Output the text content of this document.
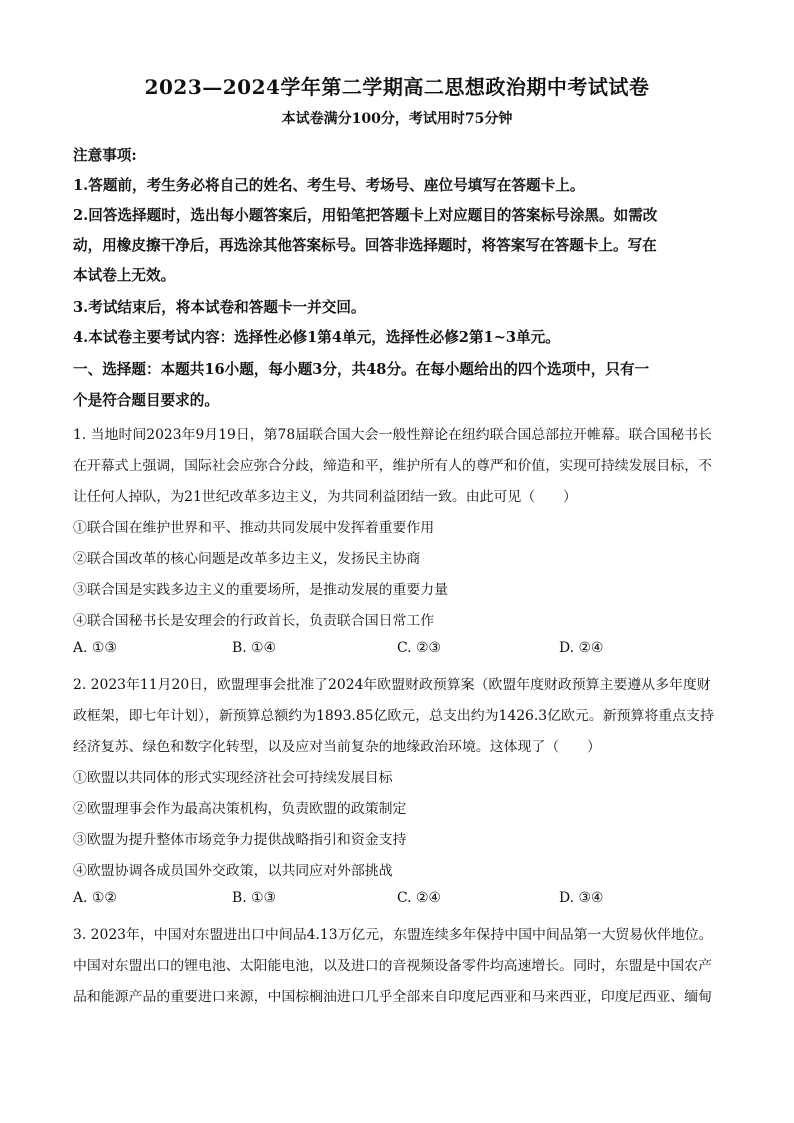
2023—2024学年第二学期高二思想政治期中考试试卷
本试卷满分100分，考试用时75分钟
注意事项:
1.答题前，考生务必将自己的姓名、考生号、考场号、座位号填写在答题卡上。
2.回答选择题时，选出每小题答案后，用铅笔把答题卡上对应题目的答案标号涂黑。如需改
动，用橡皮擦干净后，再选涂其他答案标号。回答非选择题时，将答案写在答题卡上。写在
本试卷上无效。
3.考试结束后，将本试卷和答题卡一并交回。
4.本试卷主要考试内容：选择性必修1第4单元，选择性必修2第1~3单元。
一、选择题：本题共16小题，每小题3分，共48分。在每小题给出的四个选项中，只有一
个是符合题目要求的。
1. 当地时间2023年9月19日，第78届联合国大会一般性辩论在纽约联合国总部拉开帷幕。联合国秘书长
在开幕式上强调，国际社会应弥合分歧，缔造和平，维护所有人的尊严和价值，实现可持续发展目标，不
让任何人掉队，为21世纪改革多边主义，为共同利益团结一致。由此可见（　　）
①联合国在维护世界和平、推动共同发展中发挥着重要作用
②联合国改革的核心问题是改革多边主义，发扬民主协商
③联合国是实践多边主义的重要场所，是推动发展的重要力量
④联合国秘书长是安理会的行政首长，负责联合国日常工作
A. ①③	B. ①④	C. ②③	D. ②④
2. 2023年11月20日，欧盟理事会批准了2024年欧盟财政预算案（欧盟年度财政预算主要遵从多年度财
政框架，即七年计划），新预算总额约为1893.85亿欧元，总支出约为1426.3亿欧元。新预算将重点支持
经济复苏、绿色和数字化转型，以及应对当前复杂的地缘政治环境。这体现了（　　）
①欧盟以共同体的形式实现经济社会可持续发展目标
②欧盟理事会作为最高决策机构，负责欧盟的政策制定
③欧盟为提升整体市场竞争力提供战略指引和资金支持
④欧盟协调各成员国外交政策，以共同应对外部挑战
A. ①②	B. ①③	C. ②④	D. ③④
3. 2023年，中国对东盟进出口中间品4.13万亿元，东盟连续多年保持中国中间品第一大贸易伙伴地位。
中国对东盟出口的锂电池、太阳能电池，以及进口的音视频设备零件均高速增长。同时，东盟是中国农产
品和能源产品的重要进口来源，中国棕榈油进口几乎全部来自印度尼西亚和马来西亚，印度尼西亚、缅甸
